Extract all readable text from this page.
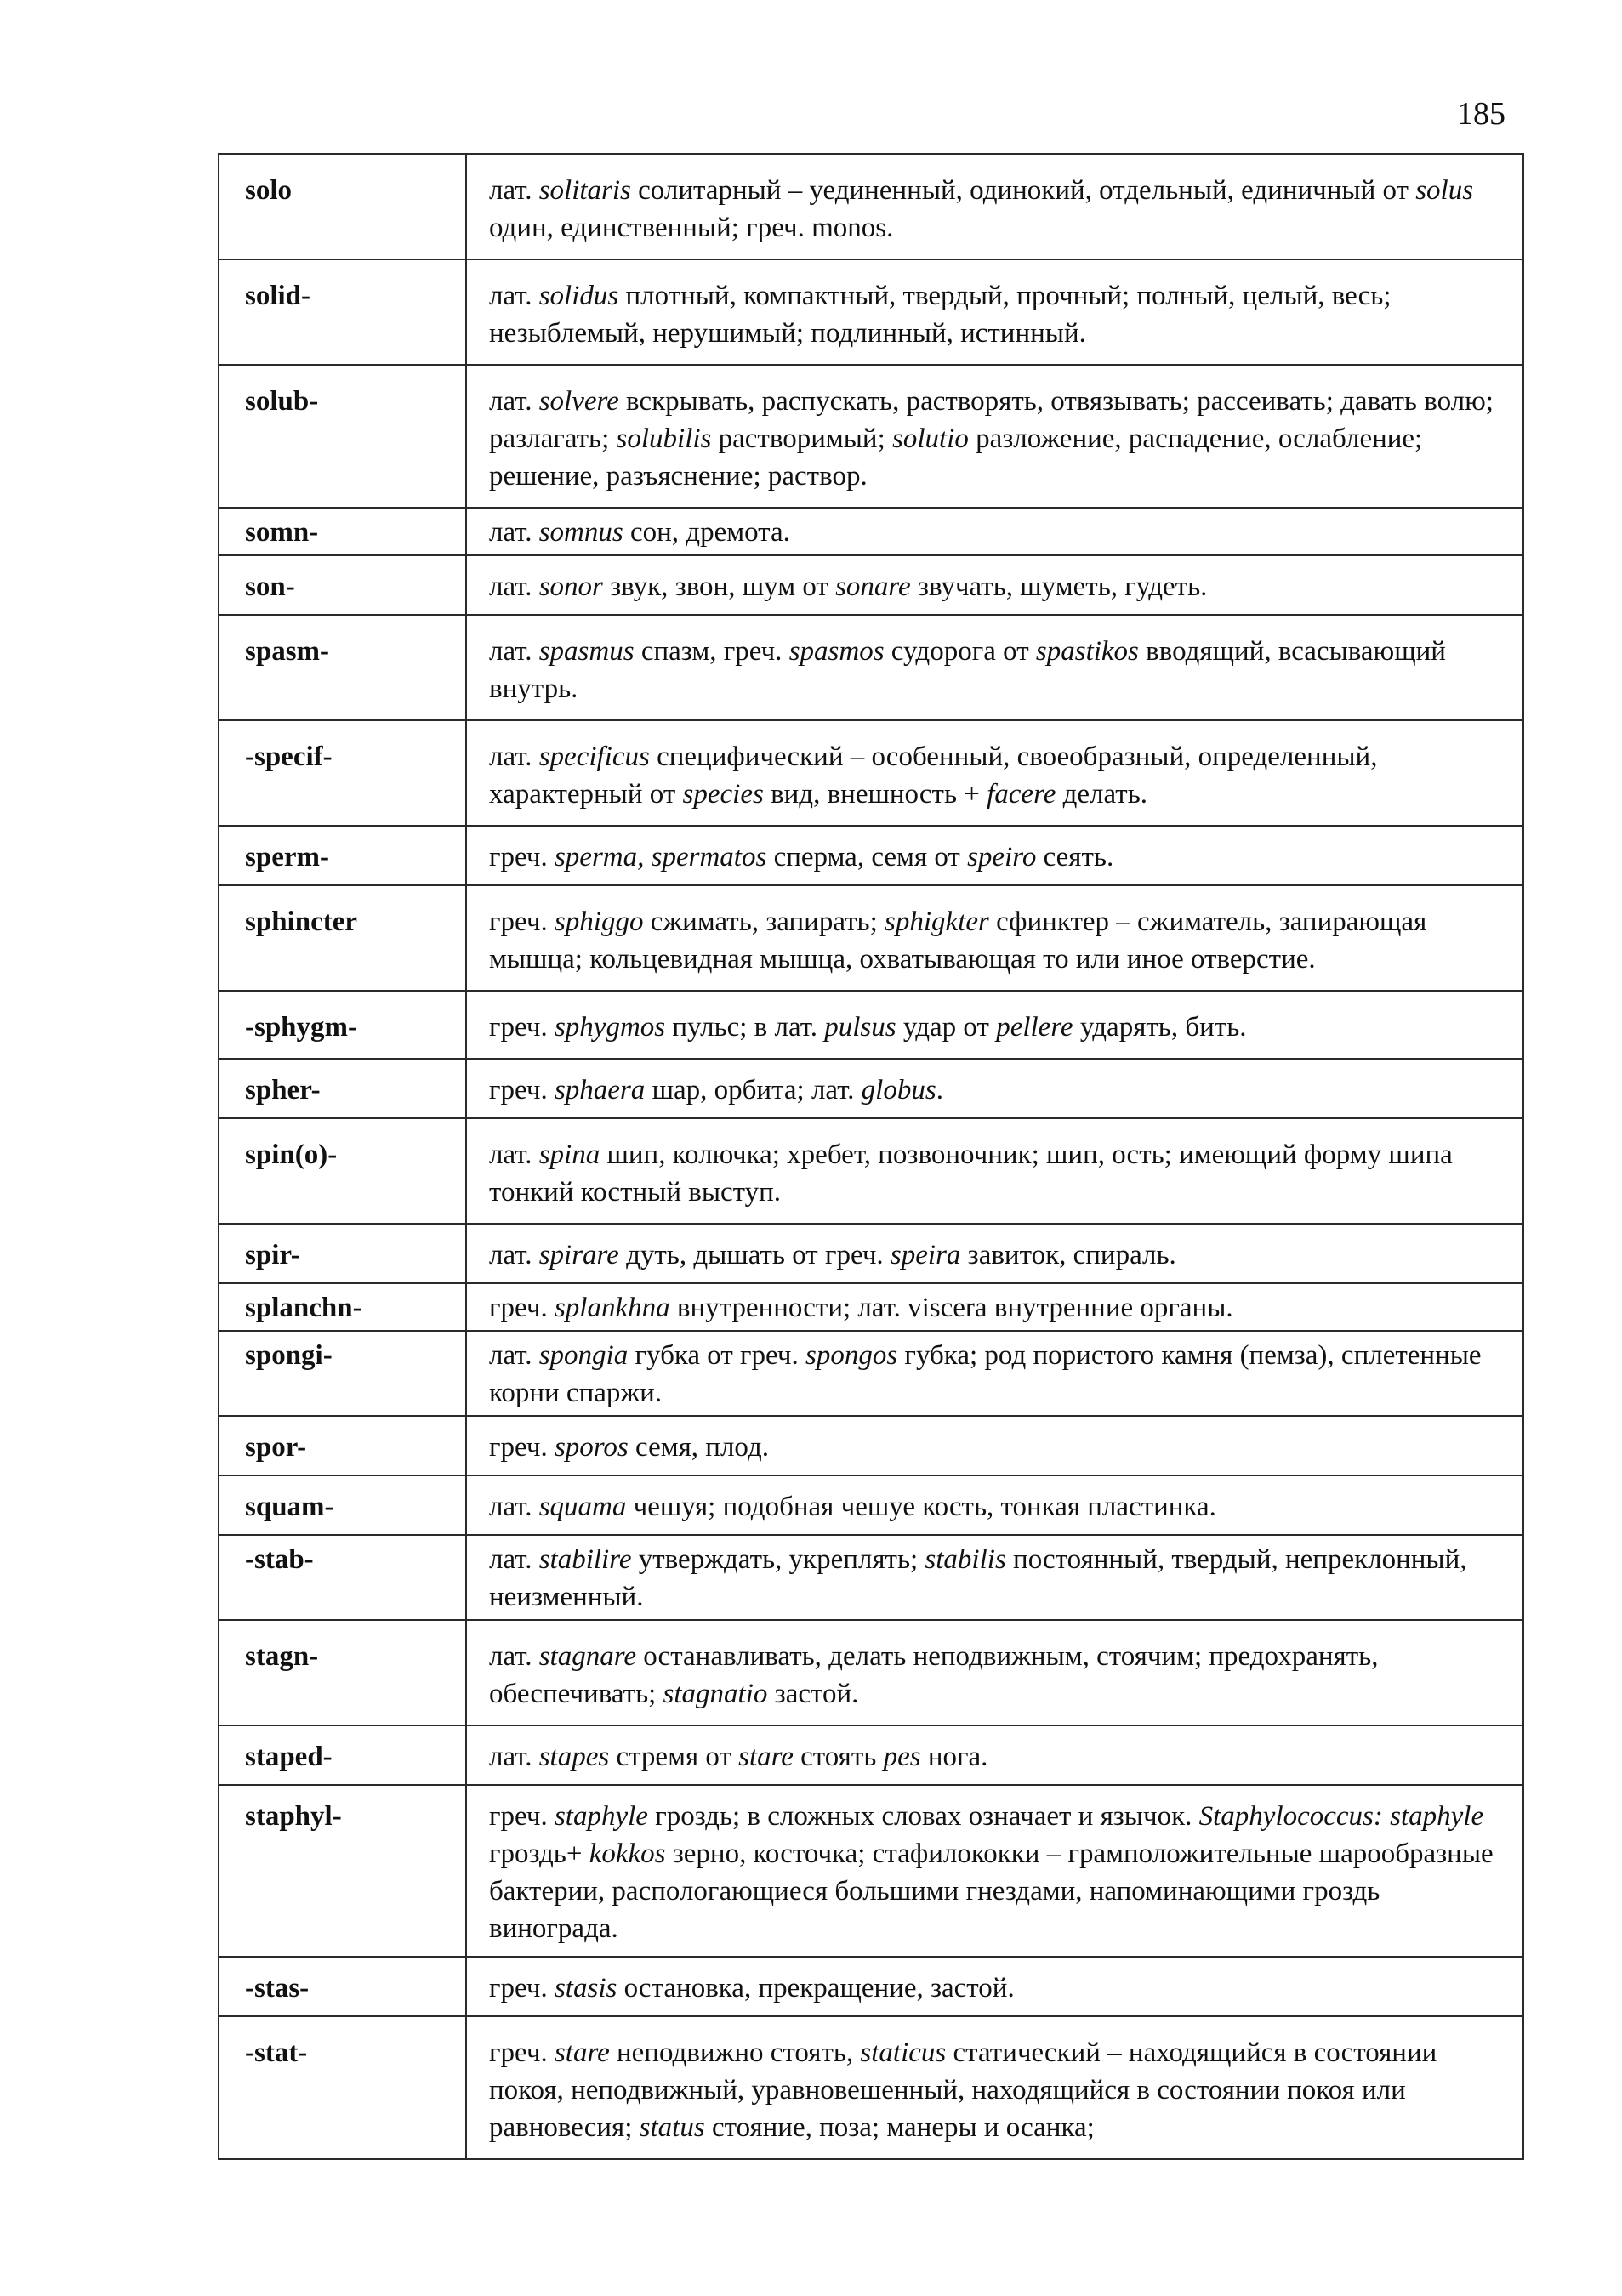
185
solo	лат. solitaris солитарный – уединенный, одинокий, отдельный, единичный от solus один, единственный; греч. monos.
solid-	лат. solidus плотный, компактный, твердый, прочный; полный, целый, весь; незыблемый, нерушимый; подлинный, истинный.
solub-	лат. solvere вскрывать, распускать, растворять, отвязывать; рассеивать; давать волю; разлагать; solubilis растворимый; solutio разложение, распадение, ослабление; решение, разъяснение; раствор.
somn-	лат. somnus сон, дремота.
son-	лат. sonor звук, звон, шум от sonare звучать, шуметь, гудеть.
spasm-	лат. spasmus спазм, греч. spasmos судорога от spastikos вводящий, всасывающий внутрь.
-specif-	лат. specificus специфический – особенный, своеобразный, определенный, характерный от species вид, внешность + facere делать.
sperm-	греч. sperma, spermatos сперма, семя от speiro сеять.
sphincter	греч. sphiggo сжимать, запирать; sphigkter сфинктер – сжиматель, запирающая мышца; кольцевидная мышца, охватывающая то или иное отверстие.
-sphygm-	греч. sphygmos пульс; в лат. pulsus удар от pellere ударять, бить.
spher-	греч. sphaera шар, орбита; лат. globus.
spin(o)-	лат. spina шип, колючка; хребет, позвоночник; шип, ость; имеющий форму шипа тонкий костный выступ.
spir-	лат. spirare дуть, дышать от греч. speira завиток, спираль.
splanchn-	греч. splankhna внутренности; лат. viscera внутренние органы.
spongi-	лат. spongia губка от греч. spongos губка; род пористого камня (пемза), сплетенные корни спаржи.
spor-	греч. sporos семя, плод.
squam-	лат. squama чешуя; подобная чешуе кость, тонкая пластинка.
-stab-	лат. stabilire утверждать, укреплять; stabilis постоянный, твердый, непреклонный, неизменный.
stagn-	лат. stagnare останавливать, делать неподвижным, стоячим; предохранять, обеспечивать; stagnatio застой.
staped-	лат. stapes стремя от stare стоять pes нога.
staphyl-	греч. staphyle гроздь; в сложных словах означает и язычок. Staphylococcus: staphyle гроздь+ kokkos зерно, косточка; стафилококки – грамположительные шарообразные бактерии, распологающиеся большими гнездами, напоминающими гроздь винограда.
-stas-	греч. stasis остановка, прекращение, застой.
-stat-	греч. stare неподвижно стоять, staticus статический – находящийся в состоянии покоя, неподвижный, уравновешенный, находящийся в состоянии покоя или равновесия; status стояние, поза; манеры и осанка;
